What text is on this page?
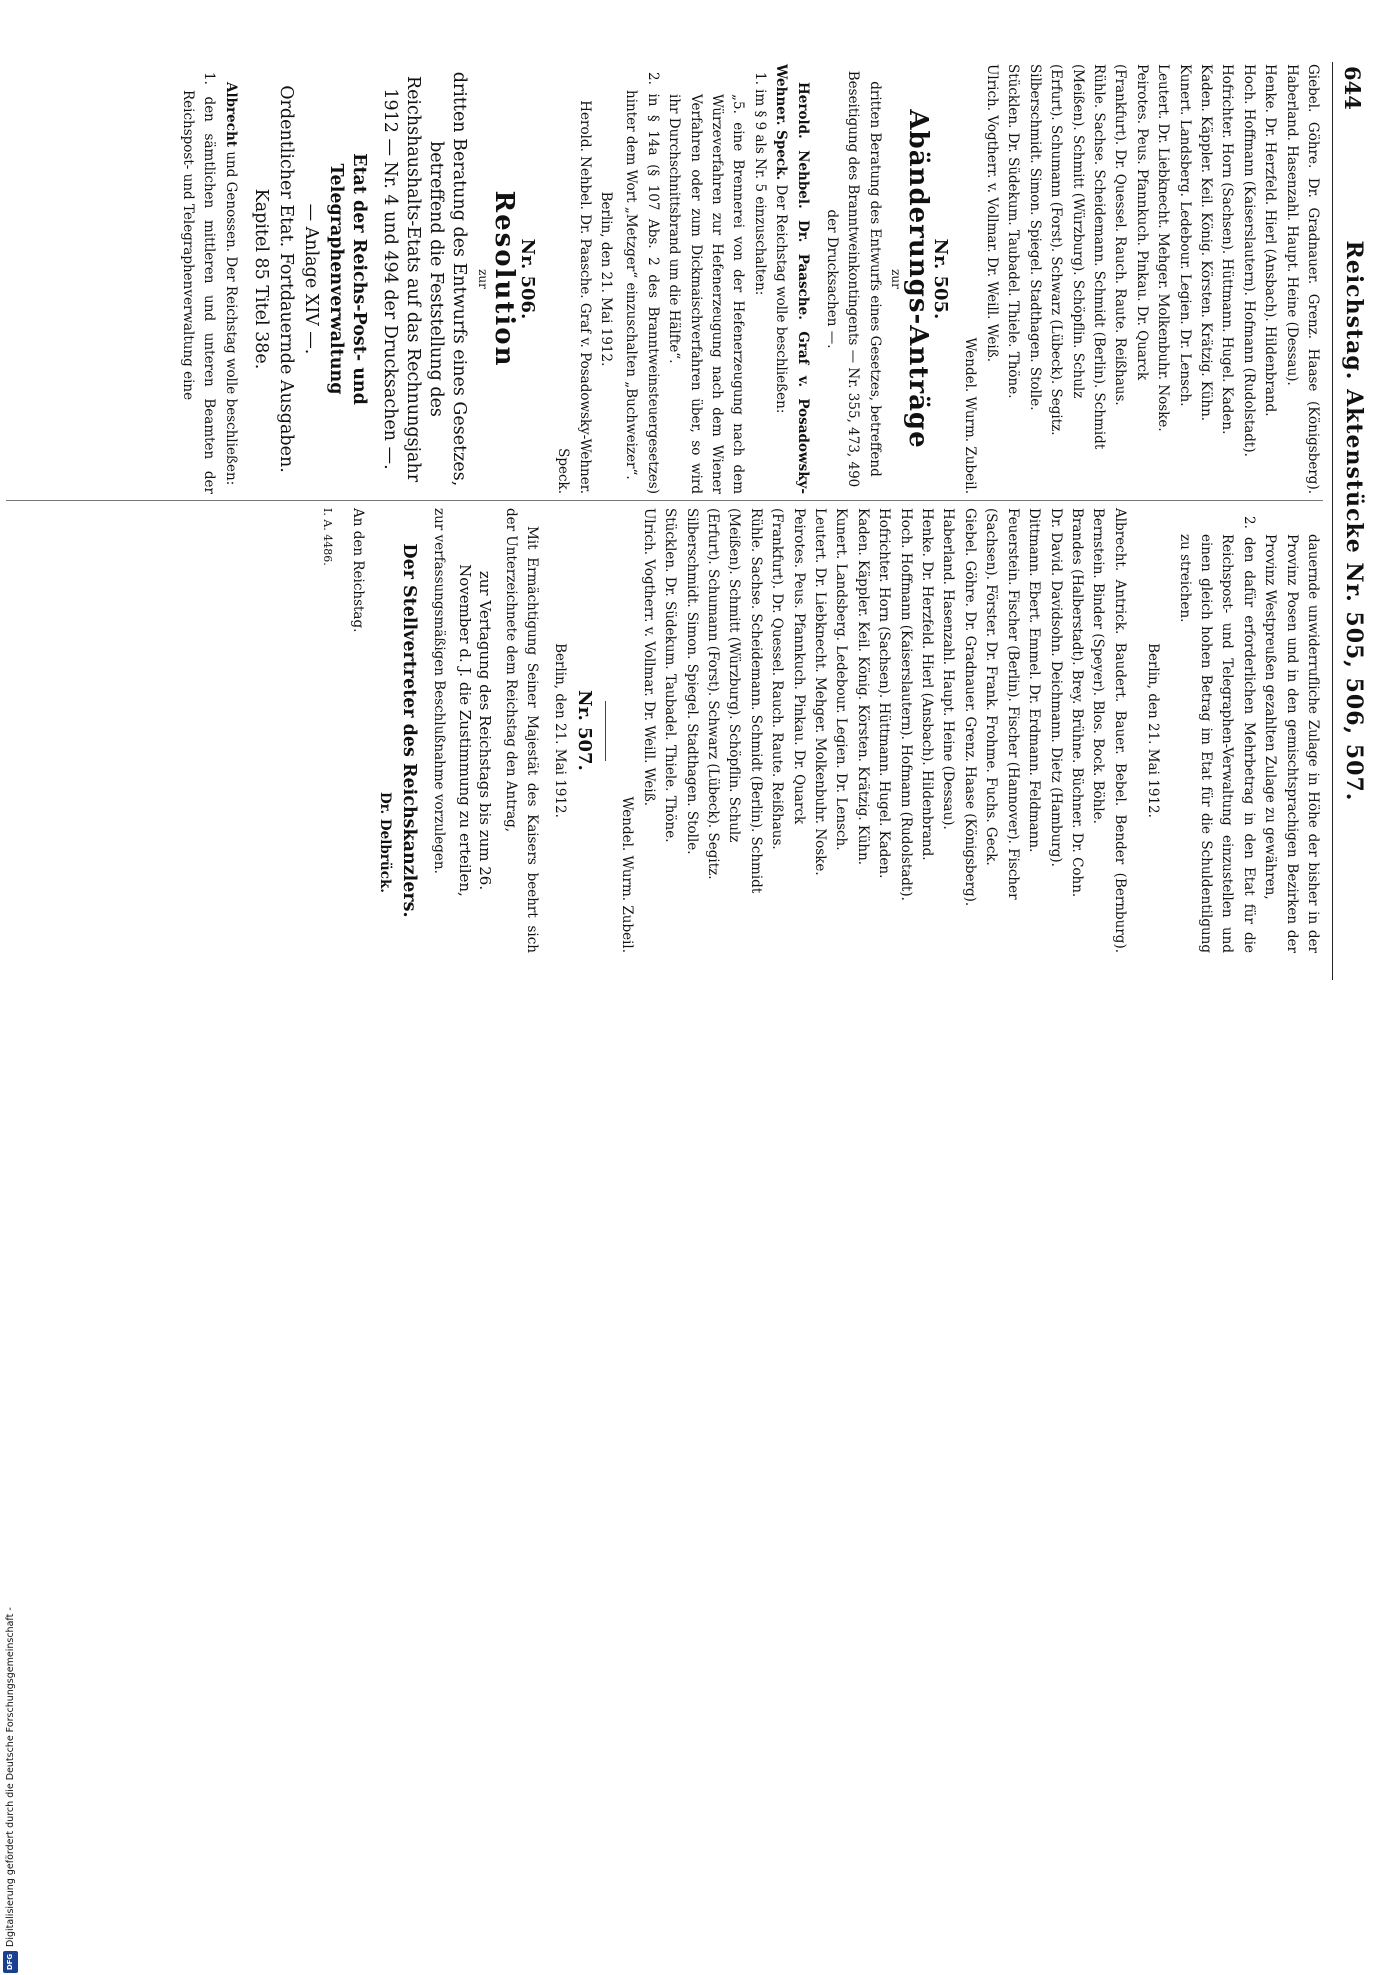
644
Reichstag. Aktenstücke Nr. 505, 506, 507.

Giebel. Göhre. Dr. Gradnauer. Grenz. Haase (Königsberg). Haberland. Hasenzahl. Haupt. Heine (Dessau).

Henke. Dr. Herzfeld. Hierl (Ansbach). Hildenbrand.

Hoch. Hoffmann (Kaiserslautern). Hofmann (Rudolstadt).

Hofrichter. Horn (Sachsen). Hüttmann. Hugel. Kaden.

Kaden. Käppler. Keil. König. Körsten. Krätzig. Kühn.

Kunert. Landsberg. Ledebour. Legien. Dr. Lensch.

Leutert. Dr. Liebknecht. Mehger. Molkenbuhr. Noske.

Peirotes. Peus. Pfannkuch. Pinkau. Dr. Quarck

(Frankfurt). Dr. Quessel. Rauch. Raute. Reißhaus.

Rühle. Sachse. Scheidemann. Schmidt (Berlin). Schmidt

(Meißen). Schmitt (Würzburg). Schöpflin. Schulz

(Erfurt). Schumann (Forst). Schwarz (Lübeck). Segitz.

Silberschmidt. Simon. Spiegel. Stadthagen. Stolle.

Stücklen. Dr. Südekum. Taubadel. Thiele. Thöne.

Ulrich. Vogtherr. v. Vollmar. Dr. Weill. Weiß.

Wendel. Wurm. Zubeil.

Nr. 505.
Abänderungs-Anträge

zur

dritten Beratung des Entwurfs eines Gesetzes, betreffend Beseitigung des Branntweinkontingents — Nr. 355, 473, 490 der Drucksachen —.

Herold. Nehbel. Dr. Paasche. Graf v. Posadowsky-Wehner. Speck. Der Reichstag wolle beschließen:

1. im § 9 als Nr. 5 einzuschalten:

„5. eine Brennerei von der Hefenerzeugung nach dem Würzeverfahren zur Hefenerzeugung nach dem Wiener Verfahren oder zum Dickmaischverfahren über, so wird ihr Durchschnittsbrand um die Hälfte“.

2. in § 14a (§ 107 Abs. 2 des Branntweinsteuergesetzes) hinter dem Wort „Metzger“ einzuschalten „Buchweizer“.

Berlin, den 21. Mai 1912.

Herold. Nehbel. Dr. Paasche. Graf v. Posadowsky-Wehner. Speck.

Nr. 506.
Resolution

zur

dritten Beratung des Entwurfs eines Gesetzes, betreffend die Feststellung des Reichshaushalts-Etats auf das Rechnungsjahr 1912 — Nr. 4 und 494 der Drucksachen —.

Etat der Reichs-Post- und Telegraphenverwaltung

— Anlage XIV —.

Ordentlicher Etat. Fortdauernde Ausgaben.

Kapitel 85 Titel 38e.

Albrecht und Genossen. Der Reichstag wolle beschließen:

1. den sämtlichen mittleren und unteren Beamten der Reichspost- und Telegraphenverwaltung eine

dauernde unwiderrufliche Zulage in Höhe der bisher in der Provinz Posen und in den gemischtsprachigen Bezirken der Provinz Westpreußen gezahlten Zulage zu gewähren,

2. den dafür erforderlichen Mehrbetrag in den Etat für die Reichspost- und Telegraphen-Verwaltung einzustellen und einen gleich hohen Betrag im Etat für die Schuldentilgung zu streichen.

Berlin, den 21. Mai 1912.

Albrecht. Antrick. Baudert. Bauer. Bebel. Bender (Bernburg). Bernstein. Binder (Speyer). Blos. Bock. Böhle.

Brandes (Halberstadt). Brey. Brühne. Büchner. Dr. Cohn.

Dr. David. Davidsohn. Deichmann. Dietz (Hamburg).

Dittmann. Ebert. Emmel. Dr. Erdmann. Feldmann.

Feuerstein. Fischer (Berlin). Fischer (Hannover). Fischer

(Sachsen). Förster. Dr. Frank. Frohme. Fuchs. Geck.

Giebel. Göhre. Dr. Gradnauer. Grenz. Haase (Königsberg).

Haberland. Hasenzahl. Haupt. Heine (Dessau).

Henke. Dr. Herzfeld. Hierl (Ansbach). Hildenbrand.

Hoch. Hoffmann (Kaiserslautern). Hofmann (Rudolstadt).

Hofrichter. Horn (Sachsen). Hüttmann. Hugel. Kaden.

Kaden. Käppler. Keil. König. Körsten. Krätzig. Kühn.

Kunert. Landsberg. Ledebour. Legien. Dr. Lensch.

Leutert. Dr. Liebknecht. Mehger. Molkenbuhr. Noske.

Peirotes. Peus. Pfannkuch. Pinkau. Dr. Quarck

(Frankfurt). Dr. Quessel. Rauch. Raute. Reißhaus.

Rühle. Sachse. Scheidemann. Schmidt (Berlin). Schmidt

(Meißen). Schmitt (Würzburg). Schöpflin. Schulz

(Erfurt). Schumann (Forst). Schwarz (Lübeck). Segitz.

Silberschmidt. Simon. Spiegel. Stadthagen. Stolle.

Stücklen. Dr. Südekum. Taubadel. Thiele. Thöne.

Ulrich. Vogtherr. v. Vollmar. Dr. Weill. Weiß.

Wendel. Wurm. Zubeil.

Nr. 507.

Berlin, den 21. Mai 1912.

Mit Ermächtigung Seiner Majestät des Kaisers beehrt sich der Unterzeichnete dem Reichstag den Antrag,

zur Vertagung des Reichstags bis zum 26. November d. J. die Zustimmung zu erteilen,

zur verfassungsmäßigen Beschlußnahme vorzulegen.

Der Stellvertreter des Reichskanzlers.

Dr. Delbrück.

An den Reichstag.

I. A. 4486.

DFG
Digitalisierung gefördert durch die Deutsche Forschungsgemeinschaft -
